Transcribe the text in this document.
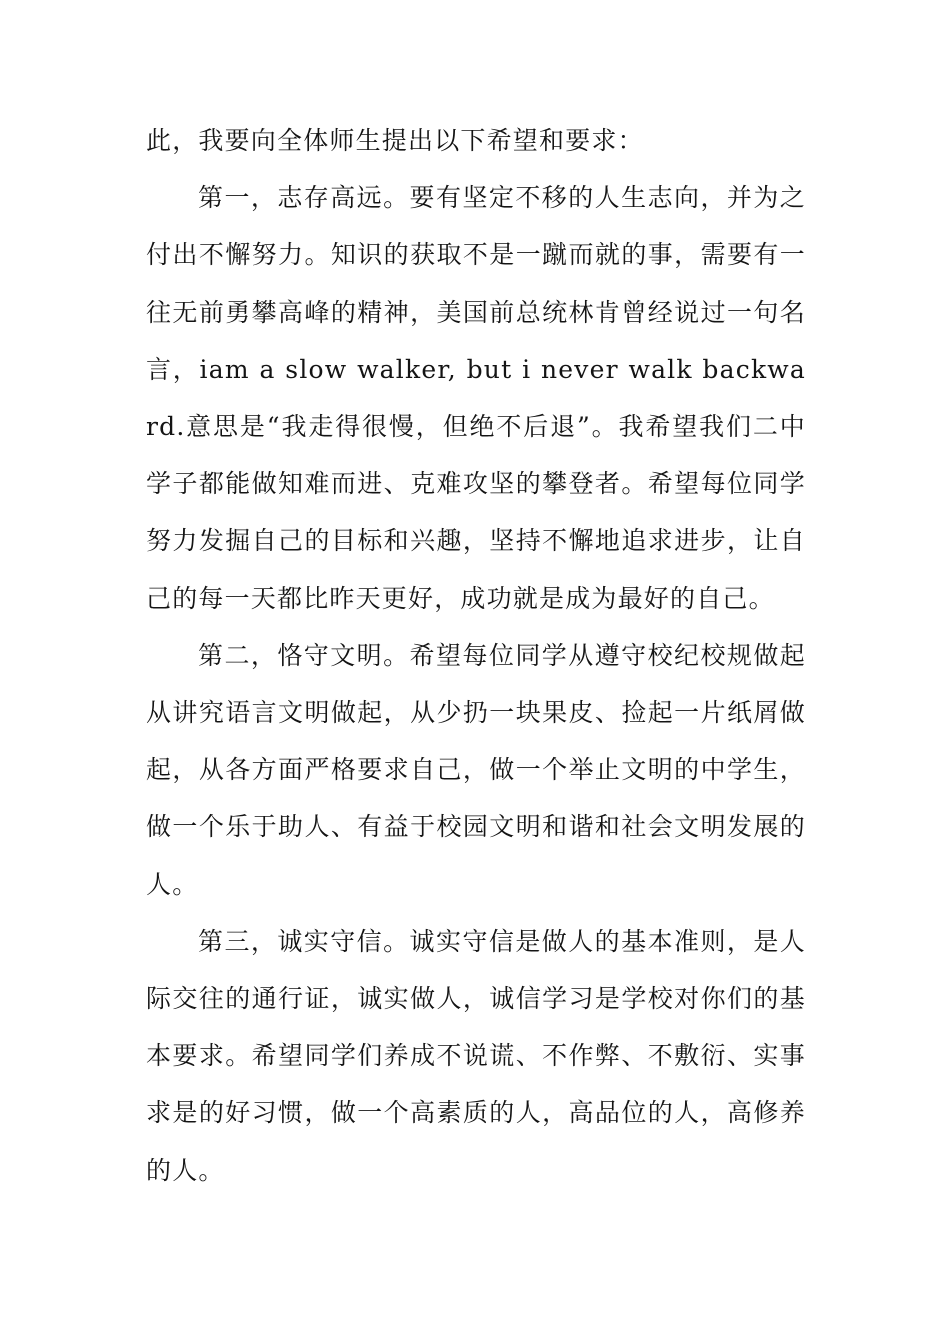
此，我要向全体师生提出以下希望和要求：

第一，志存高远。要有坚定不移的人生志向，并为之付出不懈努力。知识的获取不是一蹴而就的事，需要有一往无前勇攀高峰的精神，美国前总统林肯曾经说过一句名言，iam a slow walker, but i never walk backward.意思是“我走得很慢，但绝不后退”。我希望我们二中学子都能做知难而进、克难攻坚的攀登者。希望每位同学努力发掘自己的目标和兴趣，坚持不懈地追求进步，让自己的每一天都比昨天更好，成功就是成为最好的自己。

第二，恪守文明。希望每位同学从遵守校纪校规做起从讲究语言文明做起，从少扔一块果皮、捡起一片纸屑做起，从各方面严格要求自己，做一个举止文明的中学生，做一个乐于助人、有益于校园文明和谐和社会文明发展的人。

第三，诚实守信。诚实守信是做人的基本准则，是人际交往的通行证，诚实做人，诚信学习是学校对你们的基本要求。希望同学们养成不说谎、不作弊、不敷衍、实事求是的好习惯，做一个高素质的人，高品位的人，高修养的人。
